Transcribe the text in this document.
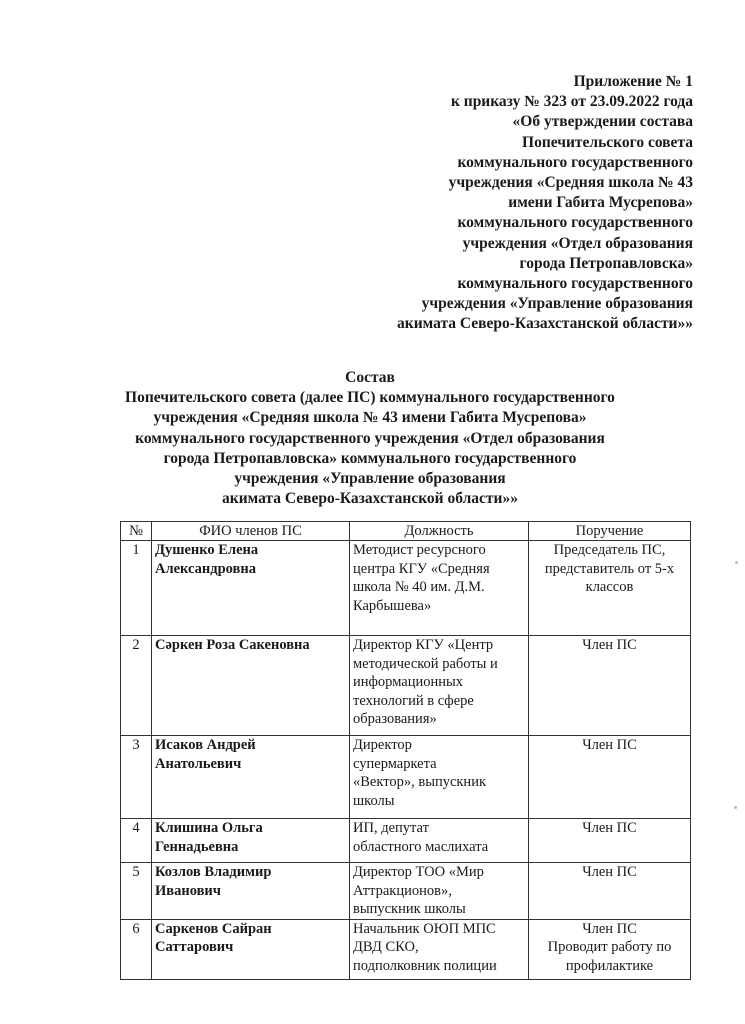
Приложение № 1
к приказу № 323 от 23.09.2022 года
«Об утверждении состава
Попечительского совета
коммунального государственного
учреждения «Средняя школа № 43
имени Габита Мусрепова»
коммунального государственного
учреждения «Отдел образования
города Петропавловска»
коммунального государственного
учреждения «Управление образования
акимата Северо-Казахстанской области»»
Состав
Попечительского совета (далее ПС) коммунального государственного
учреждения «Средняя школа № 43 имени Габита Мусрепова»
коммунального государственного учреждения «Отдел образования
города Петропавловска» коммунального государственного
учреждения «Управление образования
акимата Северо-Казахстанской области»»
№	ФИО членов ПС	Должность	Поручение
1	Душенко Елена
Александровна	Методист ресурсного
центра КГУ «Средняя
школа № 40 им. Д.М.
Карбышева»	Председатель ПС,
представитель от 5-х
классов

2	Сәркен Роза Сакеновна	Директор КГУ «Центр
методической работы и
информационных
технологий в сфере
образования»	Член ПС

3	Исаков Андрей
Анатольевич	Директор
супермаркета
«Вектор», выпускник
школы	Член ПС

4	Клишина Ольга
Геннадьевна	ИП, депутат
областного маслихата	Член ПС

5	Козлов Владимир
Иванович	Директор ТОО «Мир
Аттракционов»,
выпускник школы	Член ПС

6	Саркенов Сайран
Саттарович	Начальник ОЮП МПС
ДВД СКО,
подполковник полиции	Член ПС
Проводит работу по
профилактике
